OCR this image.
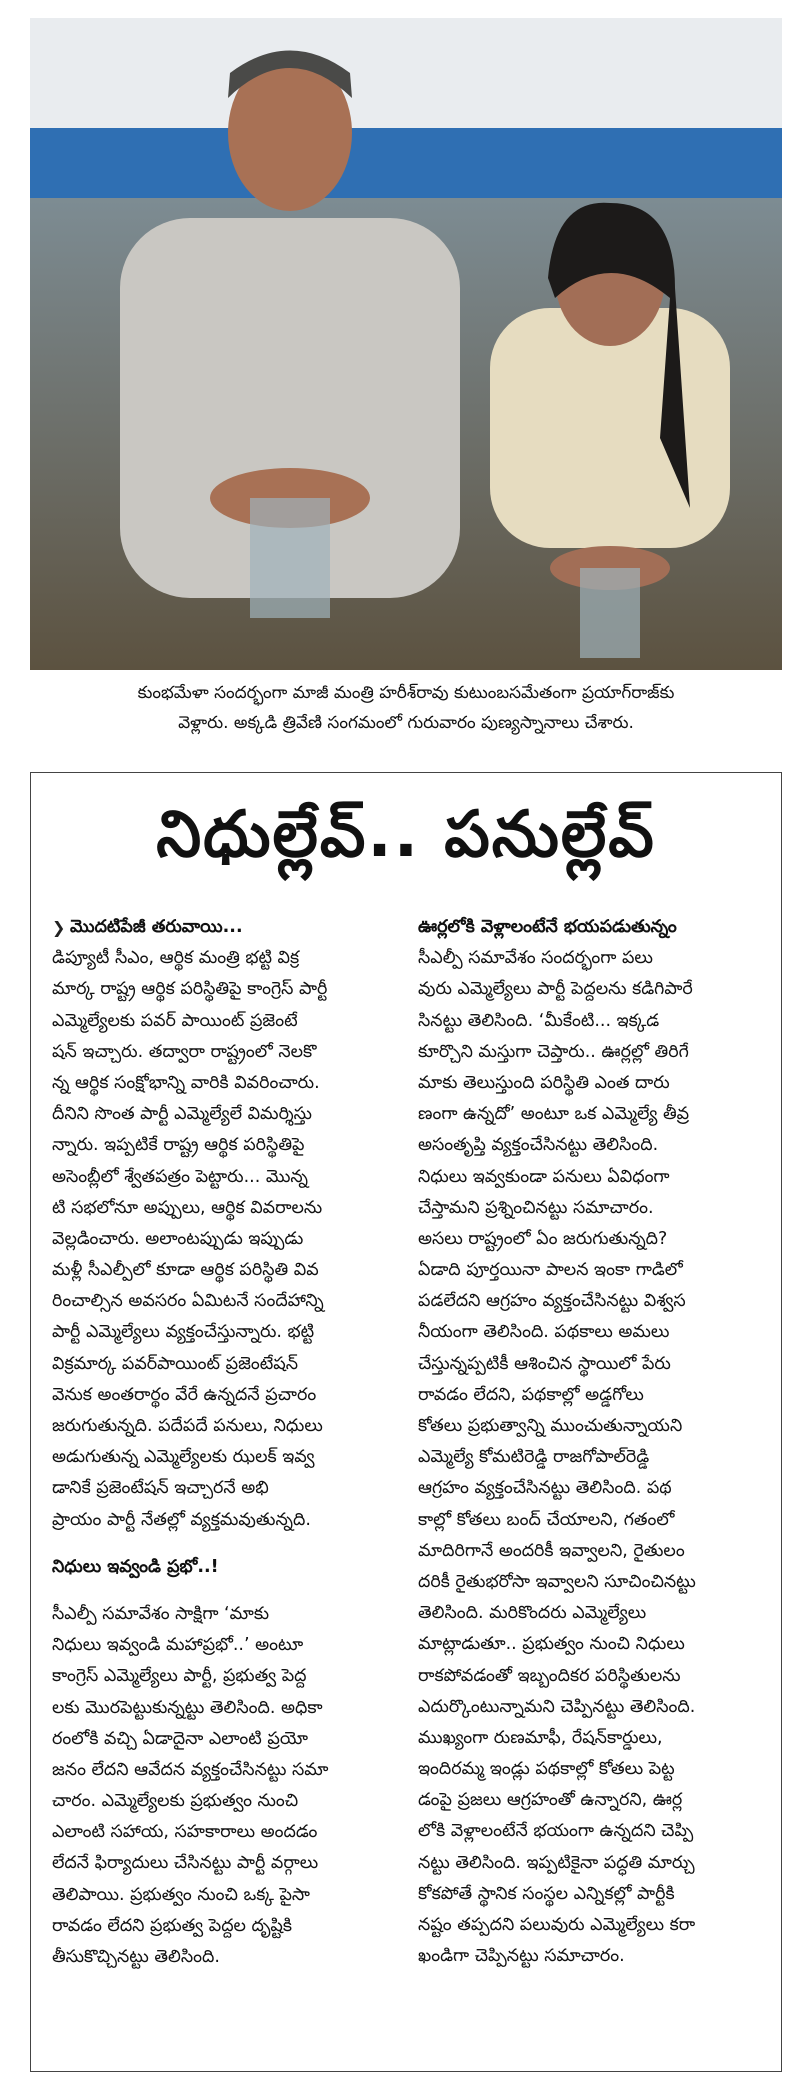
కుంభమేళా సందర్భంగా మాజీ మంత్రి హరీశ్‌రావు కుటుంబసమేతంగా ప్రయాగ్‌రాజ్‌కు
వెళ్లారు. అక్కడి త్రివేణి సంగమంలో గురువారం పుణ్యస్నానాలు చేశారు.
నిధుల్లేవ్.. పనుల్లేవ్
❯ మొదటిపేజీ తరువాయి...
డిప్యూటీ సీఎం, ఆర్థిక మంత్రి భట్టి విక్ర
మార్క రాష్ట్ర ఆర్థిక పరిస్థితిపై కాంగ్రెస్ పార్టీ
ఎమ్మెల్యేలకు పవర్ పాయింట్ ప్రజెంటే
షన్ ఇచ్చారు. తద్వారా రాష్ట్రంలో నెలకొ
న్న ఆర్థిక సంక్షోభాన్ని వారికి వివరించారు.
దీనిని సొంత పార్టీ ఎమ్మెల్యేలే విమర్శిస్తు
న్నారు. ఇప్పటికే రాష్ట్ర ఆర్థిక పరిస్థితిపై
అసెంబ్లీలో శ్వేతపత్రం పెట్టారు... మొన్న
టి సభలోనూ అప్పులు, ఆర్థిక వివరాలను
వెల్లడించారు. అలాంటప్పుడు ఇప్పుడు
మళ్లీ సీఎల్పీలో కూడా ఆర్థిక పరిస్థితి వివ
రించాల్సిన అవసరం ఏమిటనే సందేహాన్ని
పార్టీ ఎమ్మెల్యేలు వ్యక్తంచేస్తున్నారు. భట్టి
విక్రమార్క పవర్‌పాయింట్ ప్రజెంటేషన్
వెనుక అంతరార్థం వేరే ఉన్నదనే ప్రచారం
జరుగుతున్నది. పదేపదే పనులు, నిధులు
అడుగుతున్న ఎమ్మెల్యేలకు ఝలక్ ఇవ్వ
డానికే ప్రజెంటేషన్ ఇచ్చారనే అభి
ప్రాయం పార్టీ నేతల్లో వ్యక్తమవుతున్నది.
నిధులు ఇవ్వండి ప్రభో..!
సీఎల్పీ సమావేశం సాక్షిగా ‘మాకు
నిధులు ఇవ్వండి మహాప్రభో..’ అంటూ
కాంగ్రెస్ ఎమ్మెల్యేలు పార్టీ, ప్రభుత్వ పెద్ద
లకు మొరపెట్టుకున్నట్టు తెలిసింది. అధికా
రంలోకి వచ్చి ఏడాదైనా ఎలాంటి ప్రయో
జనం లేదని ఆవేదన వ్యక్తంచేసినట్టు సమా
చారం. ఎమ్మెల్యేలకు ప్రభుత్వం నుంచి
ఎలాంటి సహాయ, సహకారాలు అందడం
లేదనే ఫిర్యాదులు చేసినట్టు పార్టీ వర్గాలు
తెలిపాయి. ప్రభుత్వం నుంచి ఒక్క పైసా
రావడం లేదని ప్రభుత్వ పెద్దల దృష్టికి
తీసుకొచ్చినట్టు తెలిసింది.
ఊర్లలోకి వెళ్లాలంటేనే భయపడుతున్నం
సీఎల్పీ సమావేశం సందర్భంగా పలు
వురు ఎమ్మెల్యేలు పార్టీ పెద్దలను కడిగిపారే
సినట్టు తెలిసింది. ‘మీకేంటి... ఇక్కడ
కూర్చొని మస్తుగా చెప్తారు.. ఊర్లల్లో తిరిగే
మాకు తెలుస్తుంది పరిస్థితి ఎంత దారు
ణంగా ఉన్నదో’ అంటూ ఒక ఎమ్మెల్యే తీవ్ర
అసంతృప్తి వ్యక్తంచేసినట్టు తెలిసింది.
నిధులు ఇవ్వకుండా పనులు ఏవిధంగా
చేస్తామని ప్రశ్నించినట్టు సమాచారం.
అసలు రాష్ట్రంలో ఏం జరుగుతున్నది?
ఏడాది పూర్తయినా పాలన ఇంకా గాడిలో
పడలేదని ఆగ్రహం వ్యక్తంచేసినట్టు విశ్వస
నీయంగా తెలిసింది. పథకాలు అమలు
చేస్తున్నప్పటికీ ఆశించిన స్థాయిలో పేరు
రావడం లేదని, పథకాల్లో అడ్డగోలు
కోతలు ప్రభుత్వాన్ని ముంచుతున్నాయని
ఎమ్మెల్యే కోమటిరెడ్డి రాజగోపాల్‌రెడ్డి
ఆగ్రహం వ్యక్తంచేసినట్టు తెలిసింది. పథ
కాల్లో కోతలు బంద్ చేయాలని, గతంలో
మాదిరిగానే అందరికీ ఇవ్వాలని, రైతులం
దరికీ రైతుభరోసా ఇవ్వాలని సూచించినట్టు
తెలిసింది. మరికొందరు ఎమ్మెల్యేలు
మాట్లాడుతూ.. ప్రభుత్వం నుంచి నిధులు
రాకపోవడంతో ఇబ్బందికర పరిస్థితులను
ఎదుర్కొంటున్నామని చెప్పినట్టు తెలిసింది.
ముఖ్యంగా రుణమాఫీ, రేషన్‌కార్డులు,
ఇందిరమ్మ ఇండ్లు పథకాల్లో కోతలు పెట్ట
డంపై ప్రజలు ఆగ్రహంతో ఉన్నారని, ఊర్ల
లోకి వెళ్లాలంటేనే భయంగా ఉన్నదని చెప్పి
నట్టు తెలిసింది. ఇప్పటికైనా పద్ధతి మార్చు
కోకపోతే స్థానిక సంస్థల ఎన్నికల్లో పార్టీకి
నష్టం తప్పదని పలువురు ఎమ్మెల్యేలు కరా
ఖండిగా చెప్పినట్టు సమాచారం.
